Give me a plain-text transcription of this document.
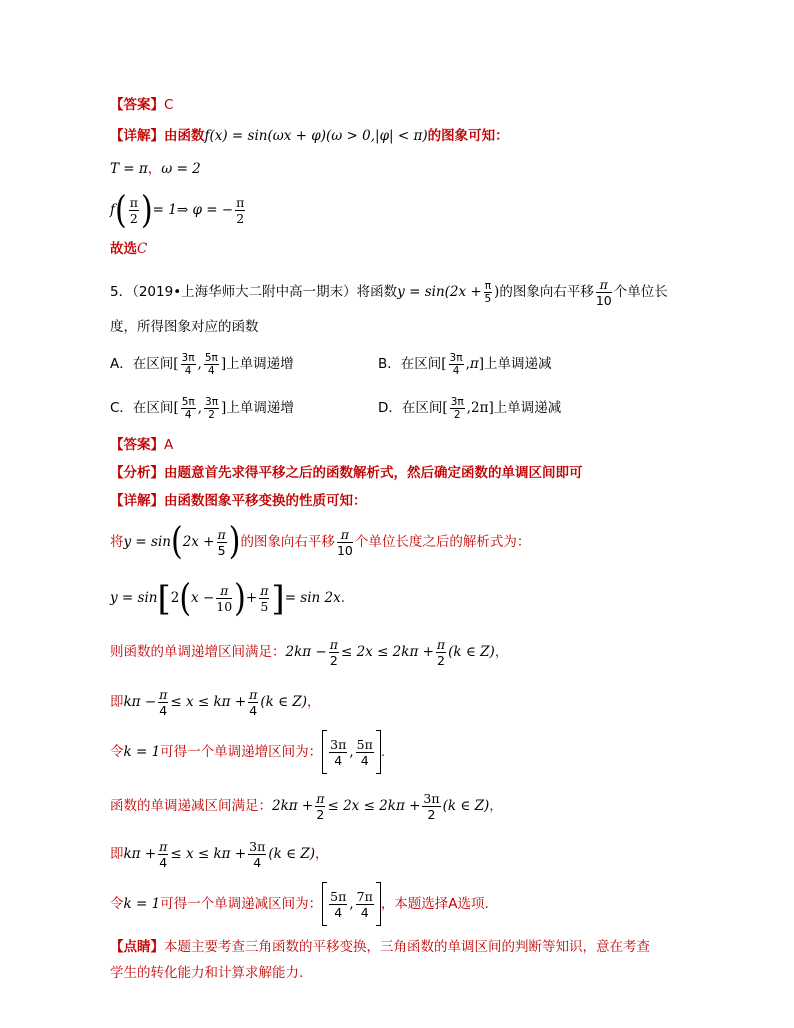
【答案】C
【详解】由函数f(x) = sin(ωx + φ)(ω > 0,|φ| < π)的图象可知：
T = π，ω = 2
$f( \frac{\pi}{2}$ )= 1⇒ φ = − $\frac{\pi}{2}$
故选C
5．（2019•上海华师大二附中高一期末）将函数$y = \sin(2x + \frac{\pi}{5}$ )的图象向右平移 $\frac{\pi}{10}$ 个单位长
度，所得图象对应的函数
A．在区间[ $\frac{3\pi}{4}$ , $\frac{5\pi}{4}$ ]上单调递增	B．在区间[ $\frac{3\pi}{4} ,\pi$]上单调递减
C．在区间[ $\frac{5\pi}{4}$ , $\frac{3\pi}{2}$ ]上单调递增	D．在区间[ $\frac{3\pi}{2} ,2\pi$]上单调递减
【答案】A
【分析】由题意首先求得平移之后的函数解析式，然后确定函数的单调区间即可
【详解】由函数图象平移变换的性质可知：
将$y = \sin(2x + \frac{\pi}{5}$ )的图象向右平移 $\frac{\pi}{10}$ 个单位长度之后的解析式为：
$y = \sin[2(x - \frac{\pi}{10}$ )+ $\frac{\pi}{5}$ ]= sin 2x.
则函数的单调递增区间满足：$2k\pi - \frac{\pi}{2} \le 2x \le 2k\pi + \frac{\pi}{2} (k$ ∈ Z)，
即$k\pi - \frac{\pi}{4} \le x \le k\pi + \frac{\pi}{4} (k$ ∈ Z)，
令k = 1可得一个单调递增区间为： $\frac{3\pi}{4}$ , $\frac{5\pi}{4}$ .
函数的单调递减区间满足：$2k\pi + \frac{\pi}{2} \le 2x \le 2k\pi + \frac{3\pi}{2} (k$ ∈ Z)，
即$k\pi + \frac{\pi}{4} \le x \le k\pi + \frac{3\pi}{4} (k$ ∈ Z)，
令k = 1可得一个单调递减区间为： $\frac{5\pi}{4}$ , $\frac{7\pi}{4}$ ，本题选择A选项.
【点睛】本题主要考查三角函数的平移变换，三角函数的单调区间的判断等知识，意在考查
学生的转化能力和计算求解能力.
